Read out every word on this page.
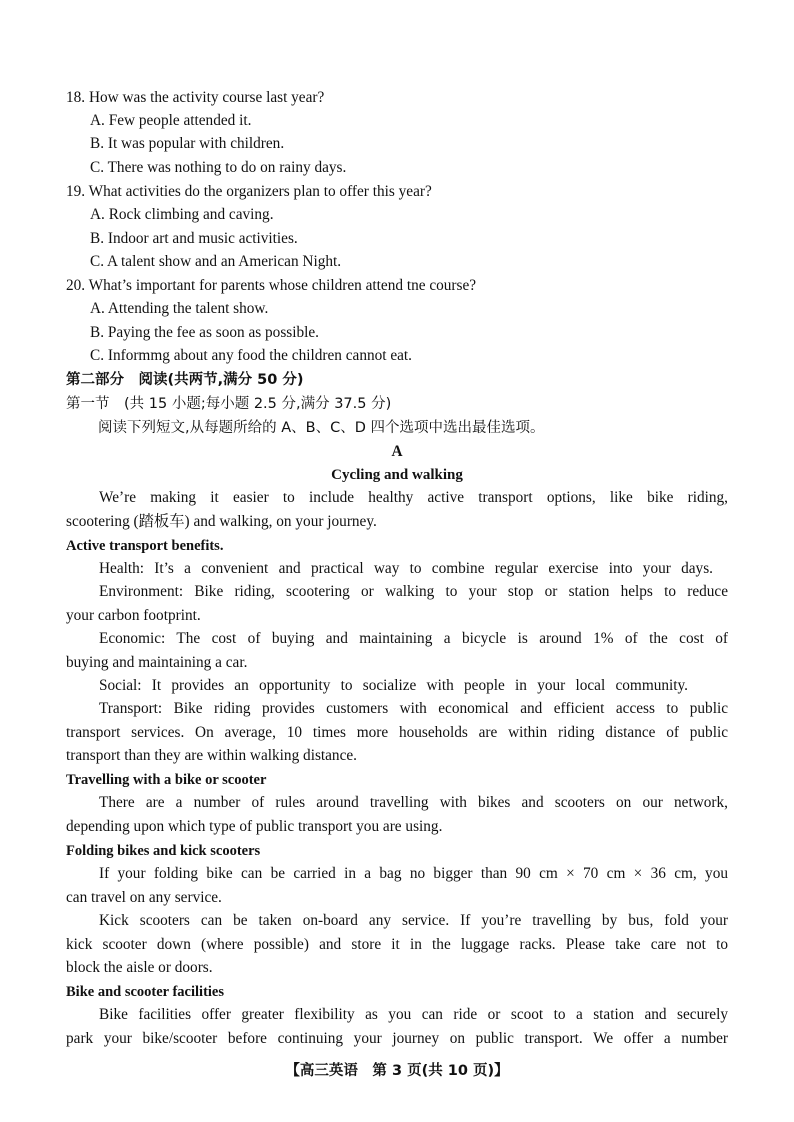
18. How was the activity course last year?
A. Few people attended it.
B. It was popular with children.
C. There was nothing to do on rainy days.
19. What activities do the organizers plan to offer this year?
A. Rock climbing and caving.
B. Indoor art and music activities.
C. A talent show and an American Night.
20. What’s important for parents whose children attend tne course?
A. Attending the talent show.
B. Paying the fee as soon as possible.
C. Informmg about any food the children cannot eat.
第二部分　阅读(共两节,满分 50 分)
第一节　(共 15 小题;每小题 2.5 分,满分 37.5 分)
阅读下列短文,从每题所给的 A、B、C、D 四个选项中选出最佳选项。
A
Cycling and walking
We’re making it easier to include healthy active transport options, like bike riding,
scootering (踏板车) and walking, on your journey.
Active transport benefits.
Health: It’s a convenient and practical way to combine regular exercise into your days.
Environment: Bike riding, scootering or walking to your stop or station helps to reduce
your carbon footprint.
Economic: The cost of buying and maintaining a bicycle is around 1% of the cost of
buying and maintaining a car.
Social: It provides an opportunity to socialize with people in your local community.
Transport: Bike riding provides customers with economical and efficient access to public
transport services. On average, 10 times more households are within riding distance of public
transport than they are within walking distance.
Travelling with a bike or scooter
There are a number of rules around travelling with bikes and scooters on our network,
depending upon which type of public transport you are using.
Folding bikes and kick scooters
If your folding bike can be carried in a bag no bigger than 90 cm × 70 cm × 36 cm, you
can travel on any service.
Kick scooters can be taken on-board any service. If you’re travelling by bus, fold your
kick scooter down (where possible) and store it in the luggage racks. Please take care not to
block the aisle or doors.
Bike and scooter facilities
Bike facilities offer greater flexibility as you can ride or scoot to a station and securely
park your bike/scooter before continuing your journey on public transport. We offer a number
【高三英语　第 3 页(共 10 页)】
